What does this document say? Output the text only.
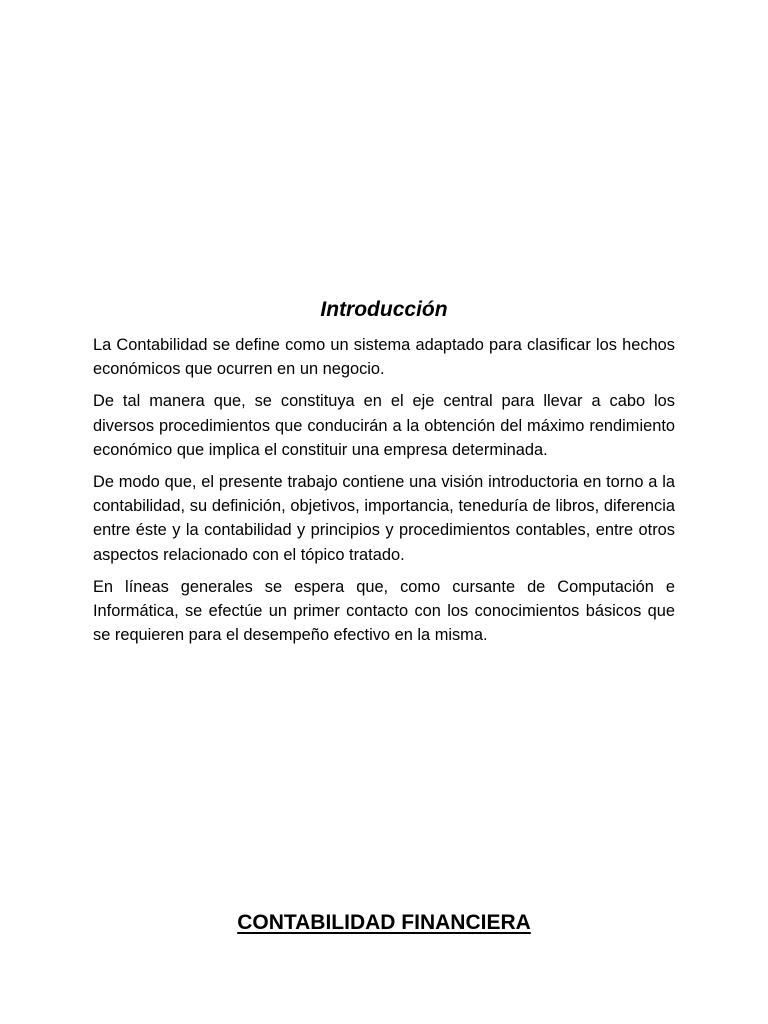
Introducción

La Contabilidad se define como un sistema adaptado para clasificar los hechos económicos que ocurren en un negocio.

De tal manera que, se constituya en el eje central para llevar a cabo los diversos procedimientos que conducirán a la obtención del máximo rendimiento económico que implica el constituir una empresa determinada.

De modo que, el presente trabajo contiene una visión introductoria en torno a la contabilidad, su definición, objetivos, importancia, teneduría de libros, diferencia entre éste y la contabilidad y principios y procedimientos contables, entre otros aspectos relacionado con el tópico tratado.

En líneas generales se espera que, como cursante de Computación e Informática, se efectúe un primer contacto con los conocimientos básicos que se requieren para el desempeño efectivo en la misma.

CONTABILIDAD FINANCIERA
